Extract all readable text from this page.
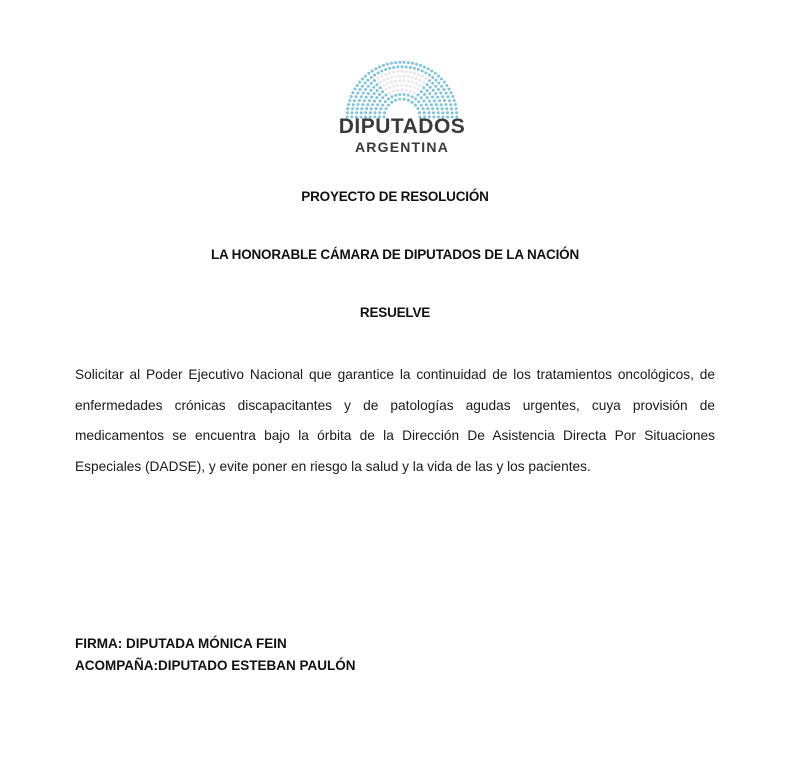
DIPUTADOS
ARGENTINA
PROYECTO DE RESOLUCIÓN
LA HONORABLE CÁMARA DE DIPUTADOS DE LA NACIÓN
RESUELVE
Solicitar al Poder Ejecutivo Nacional que garantice la continuidad de los tratamientos oncológicos, de enfermedades crónicas discapacitantes y de patologías agudas urgentes, cuya provisión de medicamentos se encuentra bajo la órbita de la Dirección De Asistencia Directa Por Situaciones Especiales (DADSE), y evite poner en riesgo la salud y la vida de las y los pacientes.
FIRMA: DIPUTADA MÓNICA FEIN
ACOMPAÑA:DIPUTADO ESTEBAN PAULÓN
